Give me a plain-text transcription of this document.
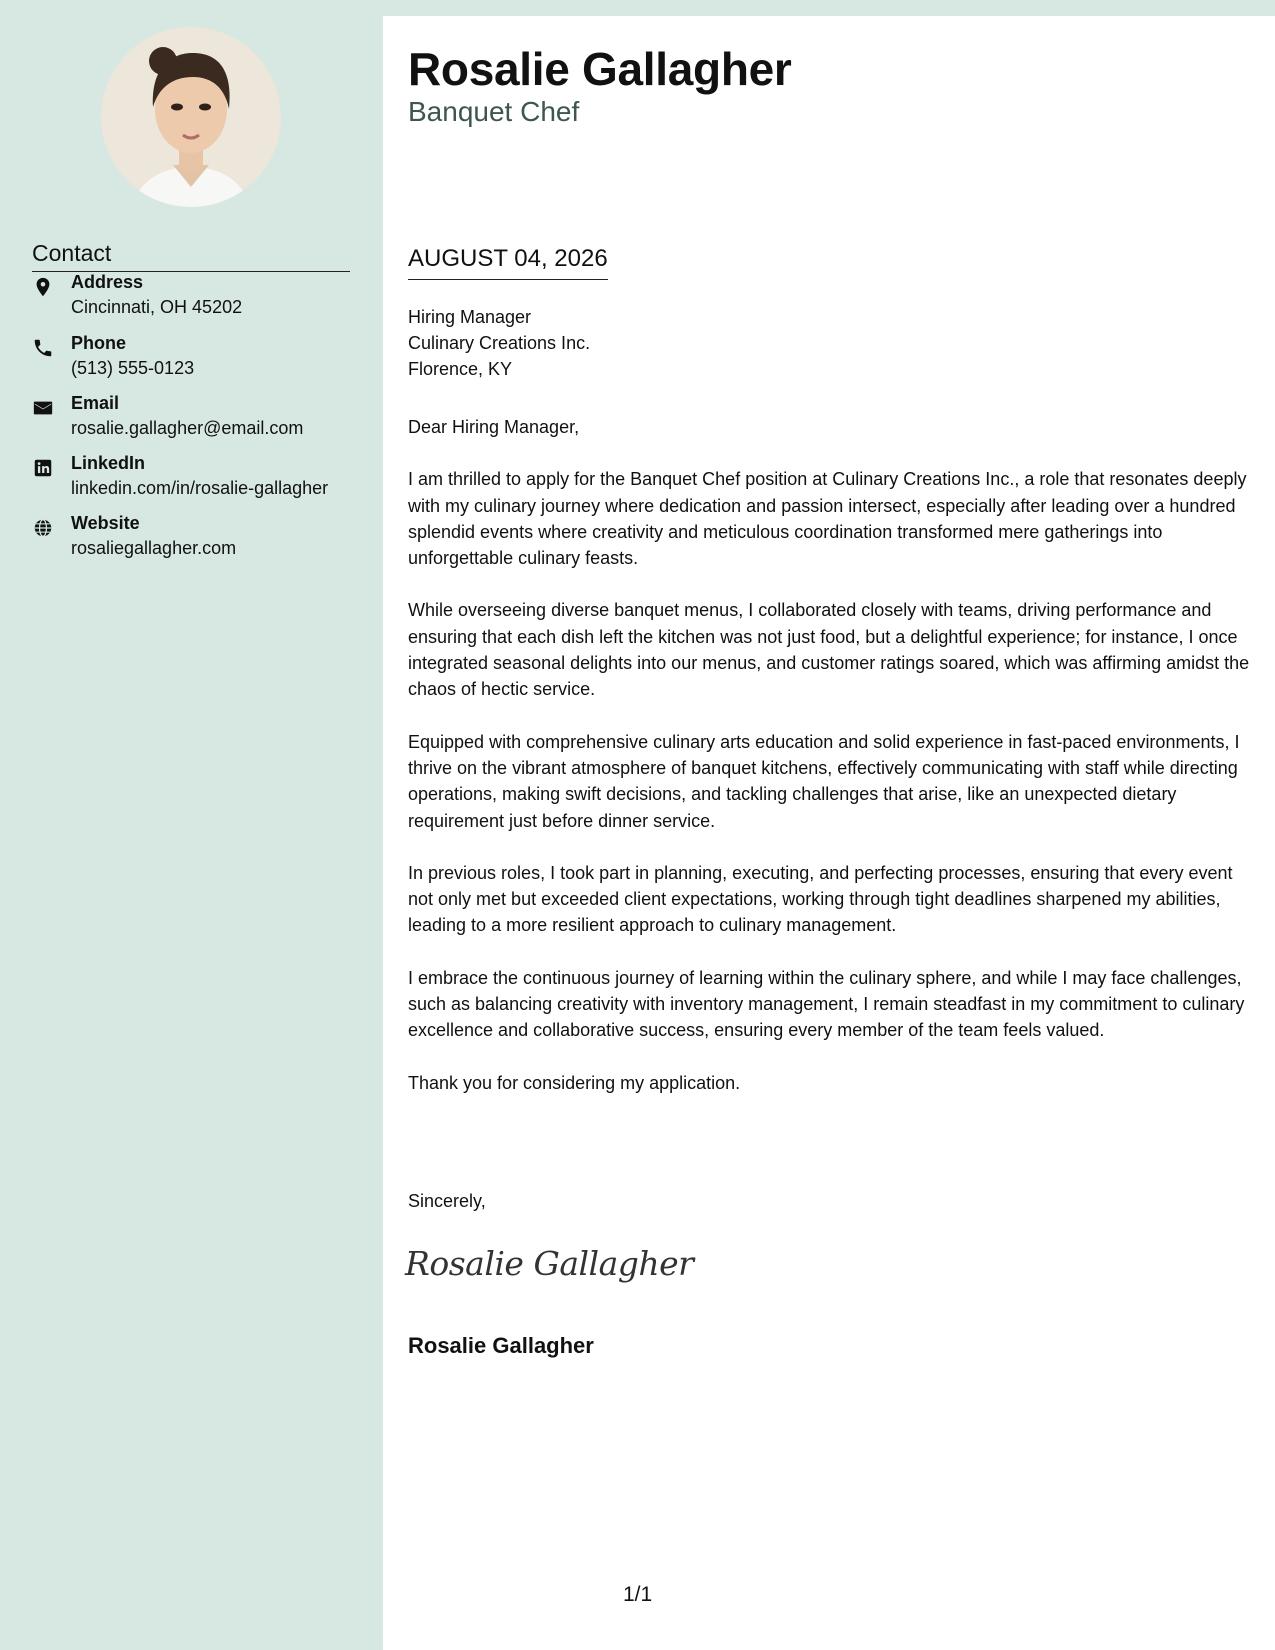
Contact
Address
Cincinnati, OH 45202
Phone
(513) 555-0123
Email
rosalie.gallagher@email.com
LinkedIn
linkedin.com/in/rosalie-gallagher
Website
rosaliegallagher.com
Rosalie Gallagher
Banquet Chef
AUGUST 04, 2026
Hiring Manager
Culinary Creations Inc.
Florence, KY

Dear Hiring Manager,

I am thrilled to apply for the Banquet Chef position at Culinary Creations Inc., a role that resonates deeply with my culinary journey where dedication and passion intersect, especially after leading over a hundred splendid events where creativity and meticulous coordination transformed mere gatherings into unforgettable culinary feasts.

While overseeing diverse banquet menus, I collaborated closely with teams, driving performance and ensuring that each dish left the kitchen was not just food, but a delightful experience; for instance, I once integrated seasonal delights into our menus, and customer ratings soared, which was affirming amidst the chaos of hectic service.

Equipped with comprehensive culinary arts education and solid experience in fast-paced environments, I thrive on the vibrant atmosphere of banquet kitchens, effectively communicating with staff while directing operations, making swift decisions, and tackling challenges that arise, like an unexpected dietary requirement just before dinner service.

In previous roles, I took part in planning, executing, and perfecting processes, ensuring that every event not only met but exceeded client expectations, working through tight deadlines sharpened my abilities, leading to a more resilient approach to culinary management.

I embrace the continuous journey of learning within the culinary sphere, and while I may face challenges, such as balancing creativity with inventory management, I remain steadfast in my commitment to culinary excellence and collaborative success, ensuring every member of the team feels valued.

Thank you for considering my application.

Sincerely,
Rosalie Gallagher
Rosalie Gallagher
1/1
